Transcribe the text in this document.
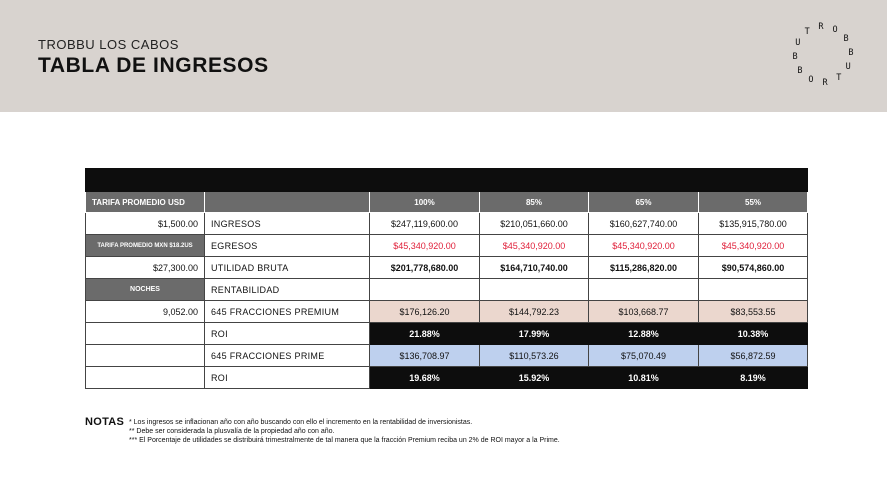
TROBBU LOS CABOS
TABLA DE INGRESOS
T R OBB U TROBBU

TARIFA PROMEDIO USD		100%	85%	65%	55%
$1,500.00	INGRESOS	$247,119,600.00	$210,051,660.00	$160,627,740.00	$135,915,780.00
TARIFA PROMEDIO MXN $18.2US	EGRESOS	$45,340,920.00	$45,340,920.00	$45,340,920.00	$45,340,920.00
$27,300.00	UTILIDAD BRUTA	$201,778,680.00	$164,710,740.00	$115,286,820.00	$90,574,860.00
NOCHES	RENTABILIDAD				
9,052.00	645 FRACCIONES PREMIUM	$176,126.20	$144,792.23	$103,668.77	$83,553.55
	ROI	21.88%	17.99%	12.88%	10.38%
	645 FRACCIONES PRIME	$136,708.97	$110,573.26	$75,070.49	$56,872.59
	ROI	19.68%	15.92%	10.81%	8.19%
NOTAS * Los ingresos se inflacionan año con año buscando con ello el incremento en la rentabilidad de inversionistas.
** Debe ser considerada la plusvalía de la propiedad año con año.
*** El Porcentaje de utilidades se distribuirá trimestralmente de tal manera que la fracción Premium reciba un 2% de ROI mayor a la Prime.
